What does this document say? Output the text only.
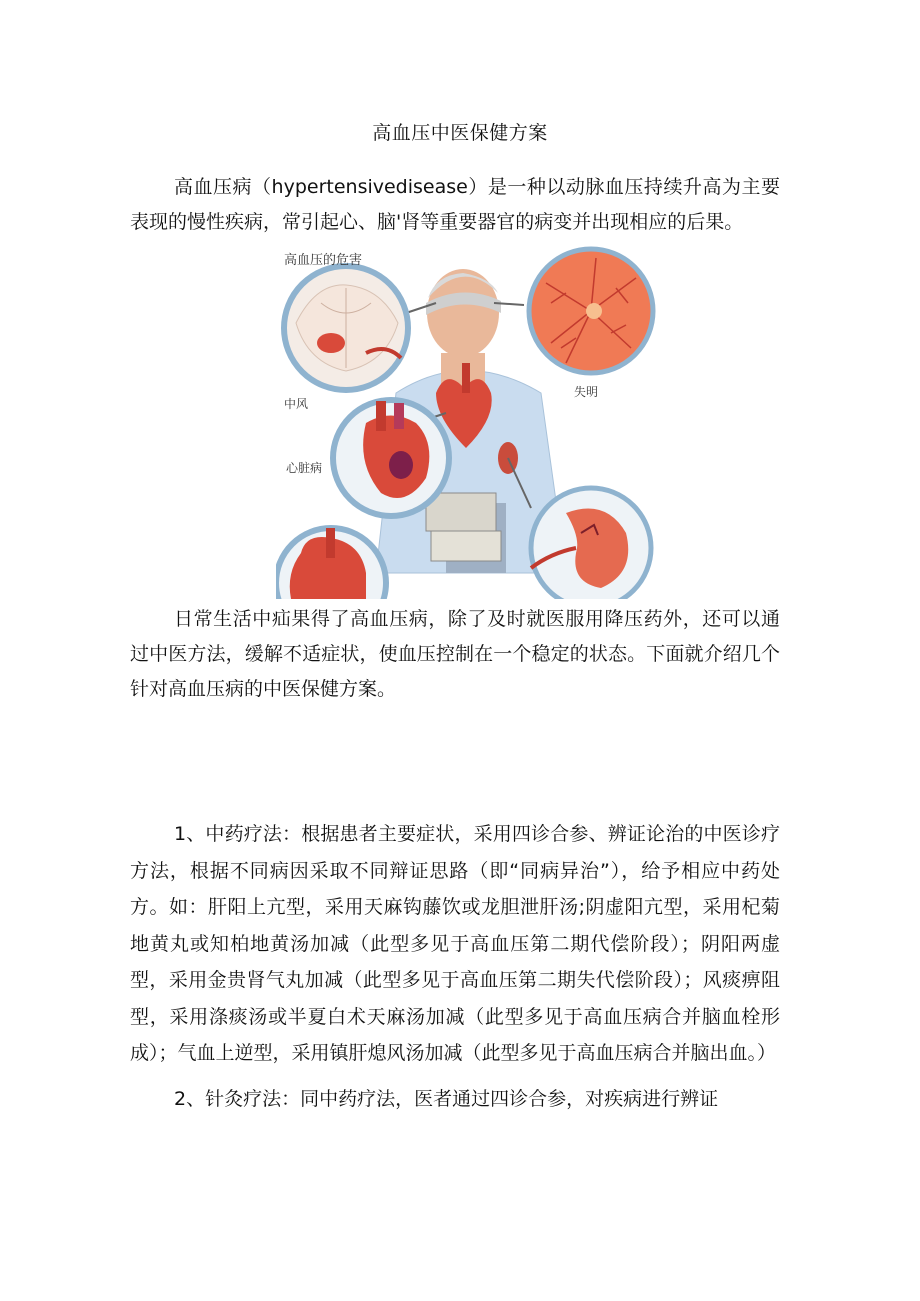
高血压中医保健方案

高血压病（hypertensivedisease）是一种以动脉血压持续升高为主要表现的慢性疾病，常引起心、脑'肾等重要器官的病变并出现相应的后果。

高血压的危害
中风
失明
心脏病

日常生活中疝果得了高血压病，除了及时就医服用降压药外，还可以通过中医方法，缓解不适症状，使血压控制在一个稳定的状态。下面就介绍几个针对高血压病的中医保健方案。

1、中药疗法：根据患者主要症状，采用四诊合参、辨证论治的中医诊疗方法，根据不同病因采取不同辩证思路（即“同病异治”），给予相应中药处方。如：肝阳上亢型，采用天麻钩藤饮或龙胆泄肝汤;阴虚阳亢型，采用杞菊地黄丸或知柏地黄汤加减（此型多见于高血压第二期代偿阶段）；阴阳两虚型，采用金贵肾气丸加减（此型多见于高血压第二期失代偿阶段）；风痰痹阻型，采用涤痰汤或半夏白术天麻汤加减（此型多见于高血压病合并脑血栓形成）；气血上逆型，采用镇肝熄风汤加减（此型多见于高血压病合并脑出血。）

2、针灸疗法：同中药疗法，医者通过四诊合参，对疾病进行辨证
